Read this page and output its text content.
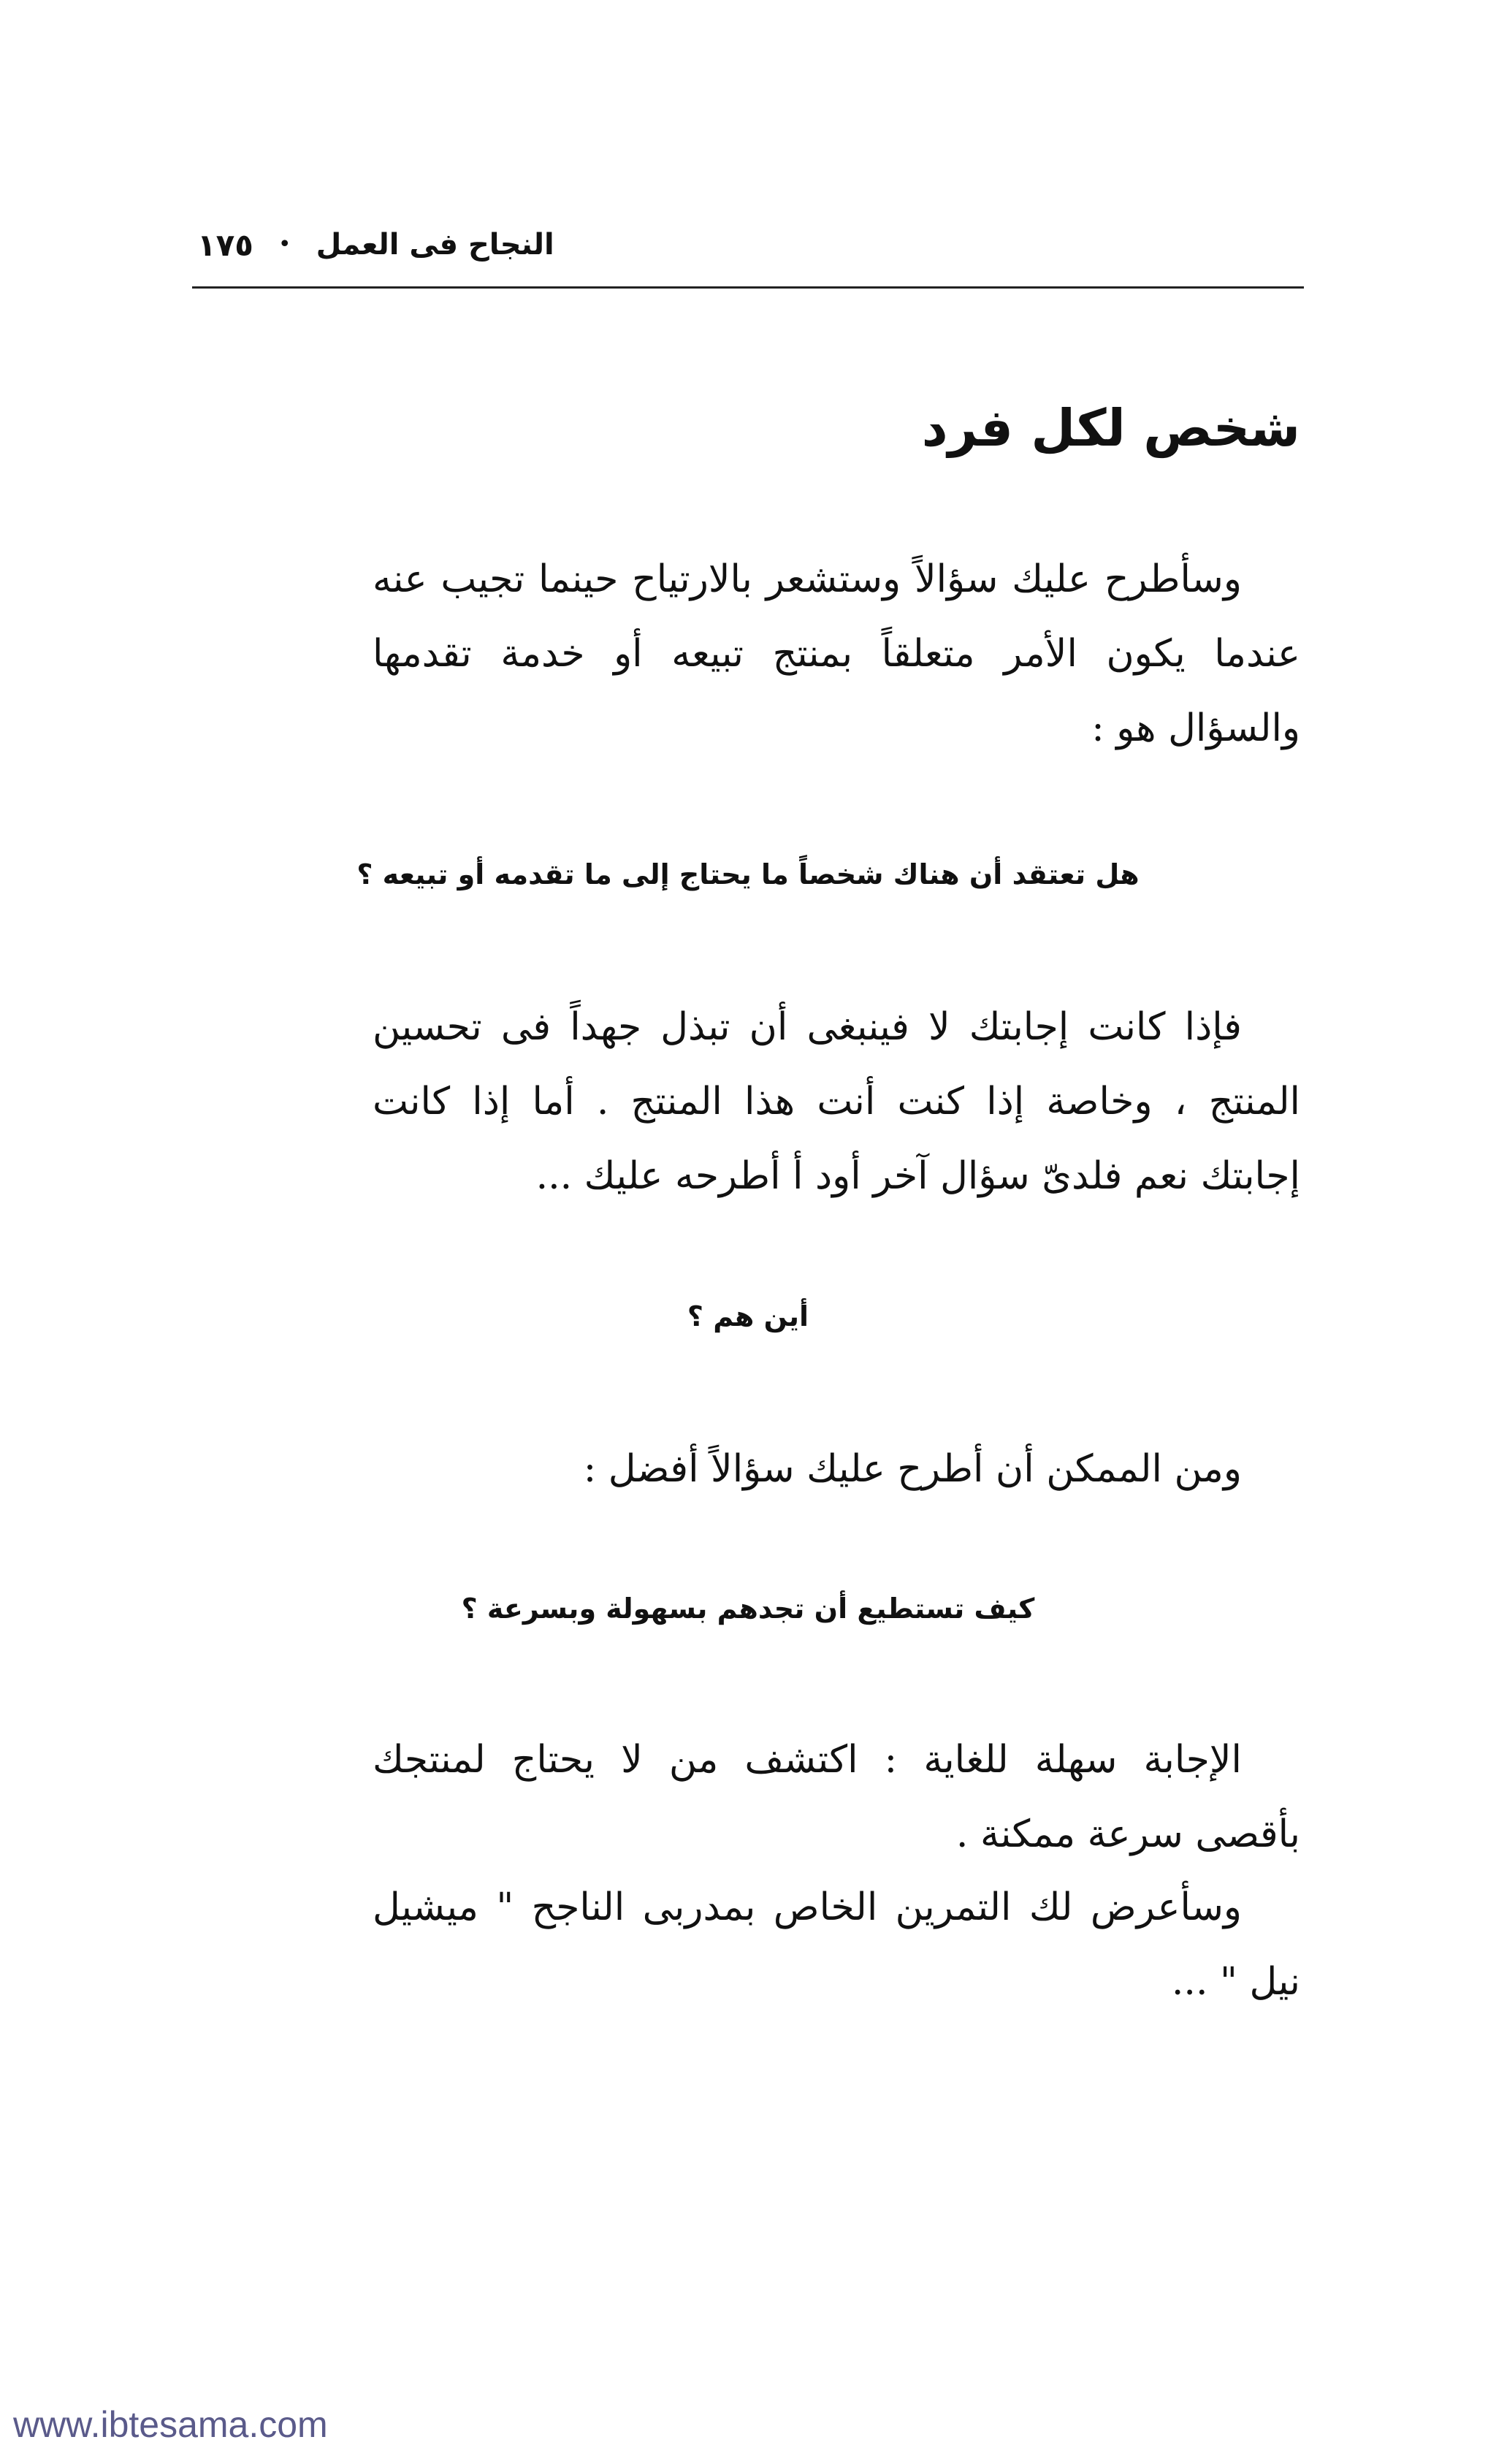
النجاح فى العمل
•
١٧٥
شخص لكل فرد
وسأطرح عليك سؤالاً وستشعر بالارتياح حينما تجيب عنه عندما يكون الأمر متعلقاً بمنتج تبيعه أو خدمة تقدمها والسؤال هو :
هل تعتقد أن هناك شخصاً ما يحتاج إلى ما تقدمه أو تبيعه ؟
فإذا كانت إجابتك لا فينبغى أن تبذل جهداً فى تحسين المنتج ، وخاصة إذا كنت أنت هذا المنتج . أما إذا كانت إجابتك نعم فلدىّ سؤال آخر أود أ أطرحه عليك ...
أين هم ؟
ومن الممكن أن أطرح عليك سؤالاً أفضل :
كيف تستطيع أن تجدهم بسهولة وبسرعة ؟
الإجابة سهلة للغاية : اكتشف من لا يحتاج لمنتجك بأقصى سرعة ممكنة .
وسأعرض لك التمرين الخاص بمدربى الناجح " ميشيل نيل " ...
www.ibtesama.com
